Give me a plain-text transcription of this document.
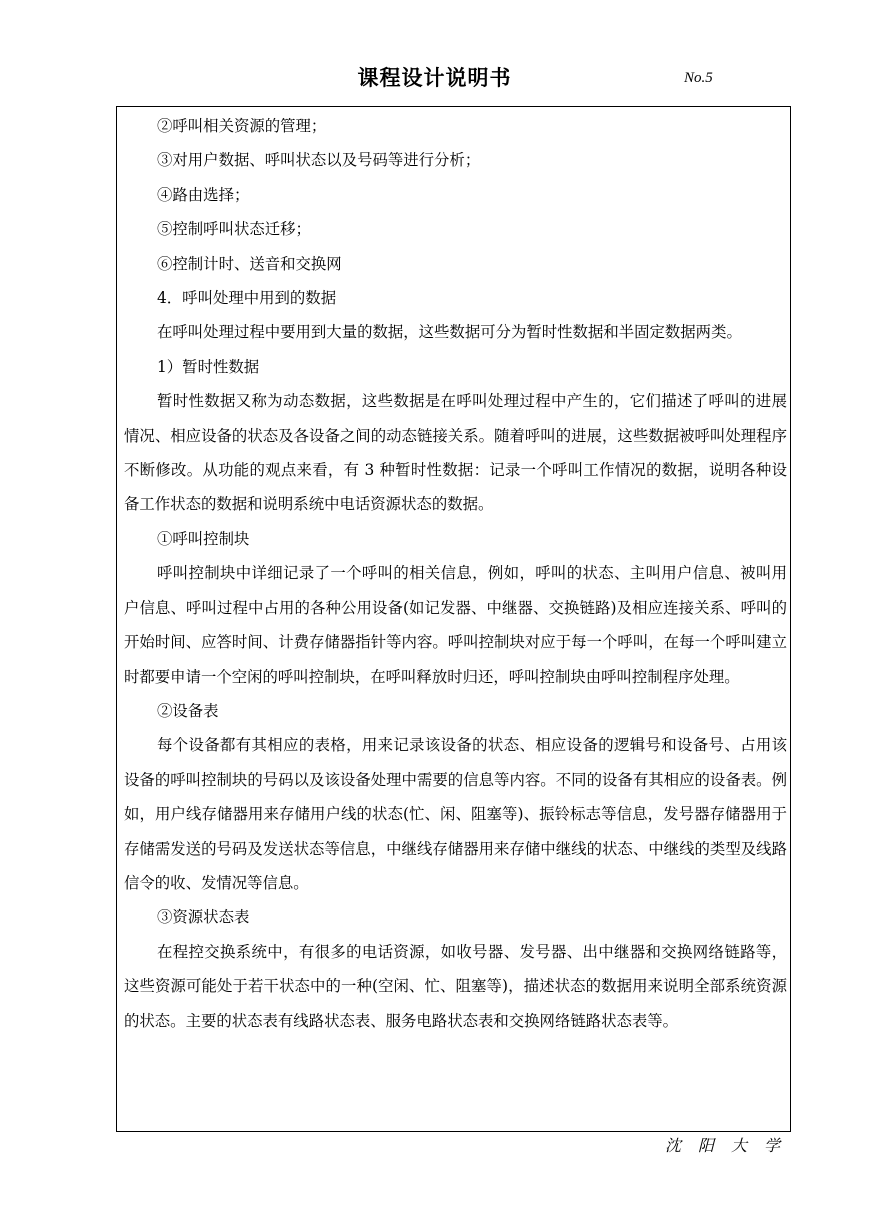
课程设计说明书	No.5

②呼叫相关资源的管理；

③对用户数据、呼叫状态以及号码等进行分析；

④路由选择；

⑤控制呼叫状态迁移；

⑥控制计时、送音和交换网

4．呼叫处理中用到的数据

在呼叫处理过程中要用到大量的数据，这些数据可分为暂时性数据和半固定数据两类。

1）暂时性数据

暂时性数据又称为动态数据，这些数据是在呼叫处理过程中产生的，它们描述了呼叫的进展情况、相应设备的状态及各设备之间的动态链接关系。随着呼叫的进展，这些数据被呼叫处理程序不断修改。从功能的观点来看，有 3 种暂时性数据：记录一个呼叫工作情况的数据，说明各种设备工作状态的数据和说明系统中电话资源状态的数据。

①呼叫控制块

呼叫控制块中详细记录了一个呼叫的相关信息，例如，呼叫的状态、主叫用户信息、被叫用户信息、呼叫过程中占用的各种公用设备(如记发器、中继器、交换链路)及相应连接关系、呼叫的开始时间、应答时间、计费存储器指针等内容。呼叫控制块对应于每一个呼叫，在每一个呼叫建立时都要申请一个空闲的呼叫控制块，在呼叫释放时归还，呼叫控制块由呼叫控制程序处理。

②设备表

每个设备都有其相应的表格，用来记录该设备的状态、相应设备的逻辑号和设备号、占用该设备的呼叫控制块的号码以及该设备处理中需要的信息等内容。不同的设备有其相应的设备表。例如，用户线存储器用来存储用户线的状态(忙、闲、阻塞等)、振铃标志等信息，发号器存储器用于存储需发送的号码及发送状态等信息，中继线存储器用来存储中继线的状态、中继线的类型及线路信令的收、发情况等信息。

③资源状态表

在程控交换系统中，有很多的电话资源，如收号器、发号器、出中继器和交换网络链路等，这些资源可能处于若干状态中的一种(空闲、忙、阻塞等)，描述状态的数据用来说明全部系统资源的状态。主要的状态表有线路状态表、服务电路状态表和交换网络链路状态表等。

沈阳大学
